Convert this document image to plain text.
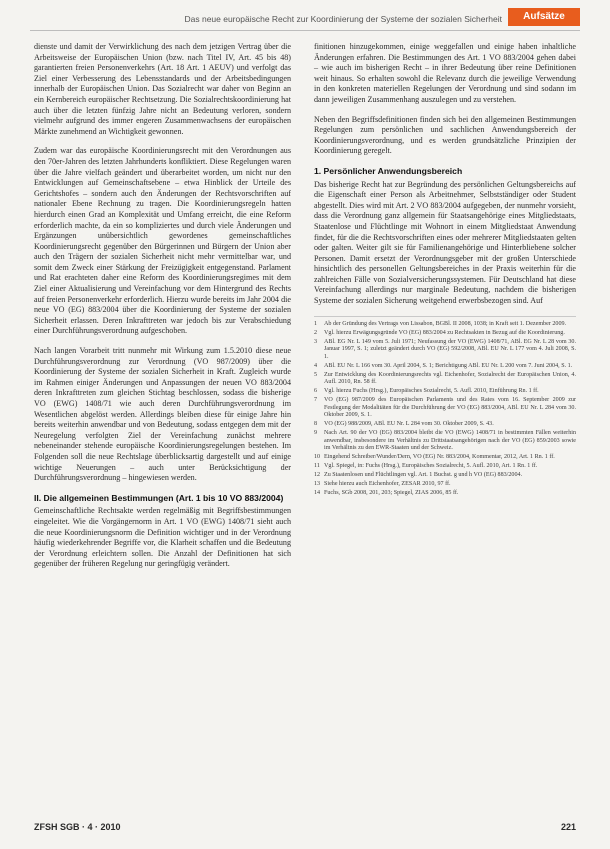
Das neue europäische Recht zur Koordinierung der Systeme der sozialen Sicherheit	Aufsätze

dienste und damit der Verwirklichung des nach dem jetzigen Vertrag über die Arbeitsweise der Europäischen Union (bzw. nach Titel IV, Art. 45 bis 48) garantierten freien Personenverkehrs (Art. 18 Art. 1 AEUV) und verfolgt das Ziel einer Verbesserung des Lebensstandards und der Arbeitsbedingungen innerhalb der Europäischen Union. Das Sozialrecht war daher von Beginn an ein Kernbereich europäischer Rechtsetzung. Die Sozialrechtskoordinierung hat auch über die letzten fünfzig Jahre nicht an Bedeutung verloren, sondern vielmehr aufgrund des immer engeren Zusammenwachsens der europäischen Märkte zunehmend an Wichtigkeit gewonnen.

Zudem war das europäische Koordinierungsrecht mit den Verordnungen aus den 70er-Jahren des letzten Jahrhunderts konfliktiert. Diese Regelungen waren über die Jahre vielfach geändert und überarbeitet worden, um nicht nur den Entwicklungen auf Gemeinschaftsebene – etwa Hinblick der Urteile des Gerichtshofes – sondern auch den Änderungen der Rechtsvorschriften auf nationaler Ebene Rechnung zu tragen. Die Koordinierungsregeln hatten hierdurch einen Grad an Komplexität und Umfang erreicht, die eine Reform erforderlich machte, da ein so kompliziertes und durch viele Änderungen und Ergänzungen unübersichtlich gewordenes gemeinschaftliches Koordinierungsrecht gegenüber den Bürgerinnen und Bürgern der Union aber auch den Trägern der sozialen Sicherheit nicht mehr vermittelbar war, und somit dem Zweck einer Stärkung der Freizügigkeit entgegenstand. Parlament und Rat erachteten daher eine Reform des Koordinierungsregimes mit dem Ziel einer Aktualisierung und Vereinfachung vor dem Hintergrund des Rechts auf freien Personenverkehr erforderlich. Hierzu wurde bereits im Jahr 2004 die neue VO (EG) 883/2004 über die Koordinierung der Systeme der sozialen Sicherheit erlassen. Deren Inkrafttreten war jedoch bis zur Verabschiedung einer Durchführungsverordnung aufgeschoben.

Nach langen Vorarbeit tritt nunmehr mit Wirkung zum 1.5.2010 diese neue Durchführungsverordnung zur Verordnung (VO 987/2009) über die Koordinierung der Systeme der sozialen Sicherheit in Kraft. Zugleich wurde im Rahmen einiger Änderungen und Anpassungen der neuen VO 883/2004 deren Inkrafttreten zum gleichen Stichtag beschlossen, sodass die bisherige VO (EWG) 1408/71 wie auch deren Durchführungsverordnung im Wesentlichen abgelöst werden. Allerdings bleiben diese für einige Jahre hin bereits weiterhin anwendbar und von Bedeutung, sodass entgegen dem mit der Neuregelung verfolgten Ziel der Vereinfachung zunächst mehrere nebeneinander stehende europäische Koordinierungsregelungen bestehen. Im Folgenden soll die neue Rechtslage überblicksartig dargestellt und auf einige wichtige Neuerungen – auch unter Berücksichtigung der Durchführungsverordnung – hingewiesen werden.

II. Die allgemeinen Bestimmungen (Art. 1 bis 10 VO 883/2004)

Gemeinschaftliche Rechtsakte werden regelmäßig mit Begriffsbestimmungen eingeleitet. Wie die Vorgängernorm in Art. 1 VO (EWG) 1408/71 sieht auch die neue Koordinierungsnorm die Definition wichtiger und in der Verordnung häufig wiederkehrender Begriffe vor, die Klarheit schaffen und die Bedeutung der Verordnung erleichtern sollen. Die Anzahl der Definitionen hat sich gegenüber der früheren Regelung nur geringfügig verändert.

finitionen hinzugekommen, einige weggefallen und einige haben inhaltliche Änderungen erfahren. Die Bestimmungen des Art. 1 VO 883/2004 gehen dabei – wie auch im bisherigen Recht – in ihrer Bedeutung über reine Definitionen weit hinaus. So erhalten sowohl die Relevanz durch die jeweilige Verwendung in den konkreten materiellen Regelungen der Verordnung und sind sodann im dann jeweiligen Zusammenhang auszulegen und zu verstehen.

Neben den Begriffsdefinitionen finden sich bei den allgemeinen Bestimmungen Regelungen zum persönlichen und sachlichen Anwendungsbereich der Koordinierungsverordnung, und es werden grundsätzliche Prinzipien der Koordinierung geregelt.

1. Persönlicher Anwendungsbereich

Das bisherige Recht hat zur Begründung des persönlichen Geltungsbereichs auf die Eigenschaft einer Person als Arbeitnehmer, Selbstständiger oder Student abgestellt. Dies wird mit Art. 2 VO 883/2004 aufgegeben, der nunmehr vorsieht, dass die Verordnung ganz allgemein für Staatsangehörige eines Mitgliedstaats, Staatenlose und Flüchtlinge mit Wohnort in einem Mitgliedstaat Anwendung findet, für die die Rechtsvorschriften eines oder mehrerer Mitgliedstaaten gelten oder galten. Weiter gilt sie für Familienangehörige und Hinterbliebene solcher Personen. Damit ersetzt der Verordnungsgeber mit der großen Unterschiede hinsichtlich des personellen Geltungsbereiches in der Praxis weiterhin für die zahlreichen Fälle von Sozialversicherungssystemen. Für Deutschland hat diese Vereinfachung allerdings nur marginale Bedeutung, nachdem die bisherigen Systeme der sozialen Sicherung weitgehend erwerbsbezogen sind. Auf

1 Ab der Gründung des Vertrags von Lissabon, BGBl. II 2008, 1038; in Kraft seit 1. Dezember 2009.

2 Vgl. hierzu Erwägungsgründe VO (EG) 883/2004 zu Rechtsakten in Bezug auf die Koordinierung.

3 ABl. EG Nr. L 149 vom 5. Juli 1971; Neufassung der VO (EWG) 1408/71, ABl. EG Nr. L 28 vom 30. Januar 1997, S. 1; zuletzt geändert durch VO (EG) 592/2008, ABl. EU Nr. L 177 vom 4. Juli 2008, S. 1.

4 ABl. EU Nr. L 166 vom 30. April 2004, S. 1; Berichtigung ABl. EU Nr. L 200 vom 7. Juni 2004, S. 1.

5 Zur Entwicklung des Koordinierungsrechts vgl. Eichenhofer, Sozialrecht der Europäischen Union, 4. Aufl. 2010, Rn. 58 ff.

6 Vgl. hierzu Fuchs (Hrsg.), Europäisches Sozialrecht, 5. Aufl. 2010, Einführung Rn. 1 ff.

7 VO (EG) 987/2009 des Europäischen Parlaments und des Rates vom 16. September 2009 zur Festlegung der Modalitäten für die Durchführung der VO (EG) 883/2004, ABl. EU Nr. L 284 vom 30. Oktober 2009, S. 1.

8 VO (EG) 988/2009, ABl. EU Nr. L 284 vom 30. Oktober 2009, S. 43.

9 Nach Art. 90 der VO (EG) 883/2004 bleibt die VO (EWG) 1408/71 in bestimmten Fällen weiterhin anwendbar, insbesondere im Verhältnis zu Drittstaatsangehörigen nach der VO (EG) 859/2003 sowie im Verhältnis zu den EWR-Staaten und der Schweiz.

10 Eingehend Schreiber/Wunder/Dern, VO (EG) Nr. 883/2004, Kommentar, 2012, Art. 1 Rn. 1 ff.

11 Vgl. Spiegel, in: Fuchs (Hrsg.), Europäisches Sozialrecht, 5. Aufl. 2010, Art. 1 Rn. 1 ff.

12 Zu Staatenlosen und Flüchtlingen vgl. Art. 1 Buchst. g und h VO (EG) 883/2004.

13 Siehe hierzu auch Eichenhofer, ZESAR 2010, 97 ff.

14 Fuchs, SGb 2008, 201, 203; Spiegel, ZIAS 2006, 85 ff.

ZFSH SGB · 4 · 2010	221
